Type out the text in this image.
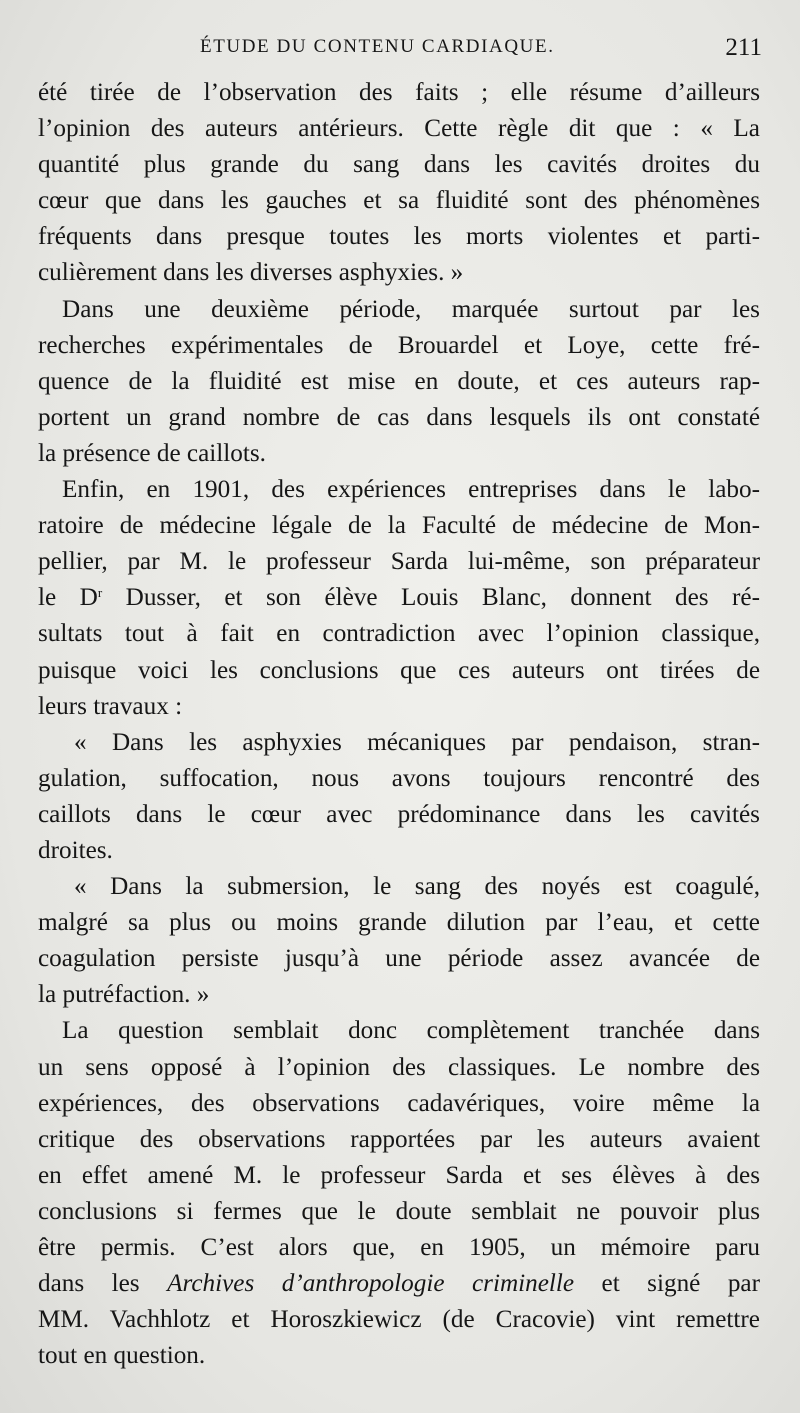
ÉTUDE DU CONTENU CARDIAQUE.	211
été tirée de l’observation des faits ; elle résume d’ailleurs
l’opinion des auteurs antérieurs. Cette règle dit que : « La
quantité plus grande du sang dans les cavités droites du
cœur que dans les gauches et sa fluidité sont des phénomènes
fréquents dans presque toutes les morts violentes et parti-
culièrement dans les diverses asphyxies. »
Dans une deuxième période, marquée surtout par les
recherches expérimentales de Brouardel et Loye, cette fré-
quence de la fluidité est mise en doute, et ces auteurs rap-
portent un grand nombre de cas dans lesquels ils ont constaté
la présence de caillots.
Enfin, en 1901, des expériences entreprises dans le labo-
ratoire de médecine légale de la Faculté de médecine de Mon-
pellier, par M. le professeur Sarda lui-même, son préparateur
le $D^r$ Dusser, et son élève Louis Blanc, donnent des ré-
sultats tout à fait en contradiction avec l’opinion classique,
puisque voici les conclusions que ces auteurs ont tirées de
leurs travaux :
« Dans les asphyxies mécaniques par pendaison, stran-
gulation, suffocation, nous avons toujours rencontré des
caillots dans le cœur avec prédominance dans les cavités
droites.
« Dans la submersion, le sang des noyés est coagulé,
malgré sa plus ou moins grande dilution par l’eau, et cette
coagulation persiste jusqu’à une période assez avancée de
la putréfaction. »
La question semblait donc complètement tranchée dans
un sens opposé à l’opinion des classiques. Le nombre des
expériences, des observations cadavériques, voire même la
critique des observations rapportées par les auteurs avaient
en effet amené M. le professeur Sarda et ses élèves à des
conclusions si fermes que le doute semblait ne pouvoir plus
être permis. C’est alors que, en 1905, un mémoire paru
dans les Archives d’anthropologie criminelle et signé par
MM. Vachhlotz et Horoszkiewicz (de Cracovie) vint remettre
tout en question.
